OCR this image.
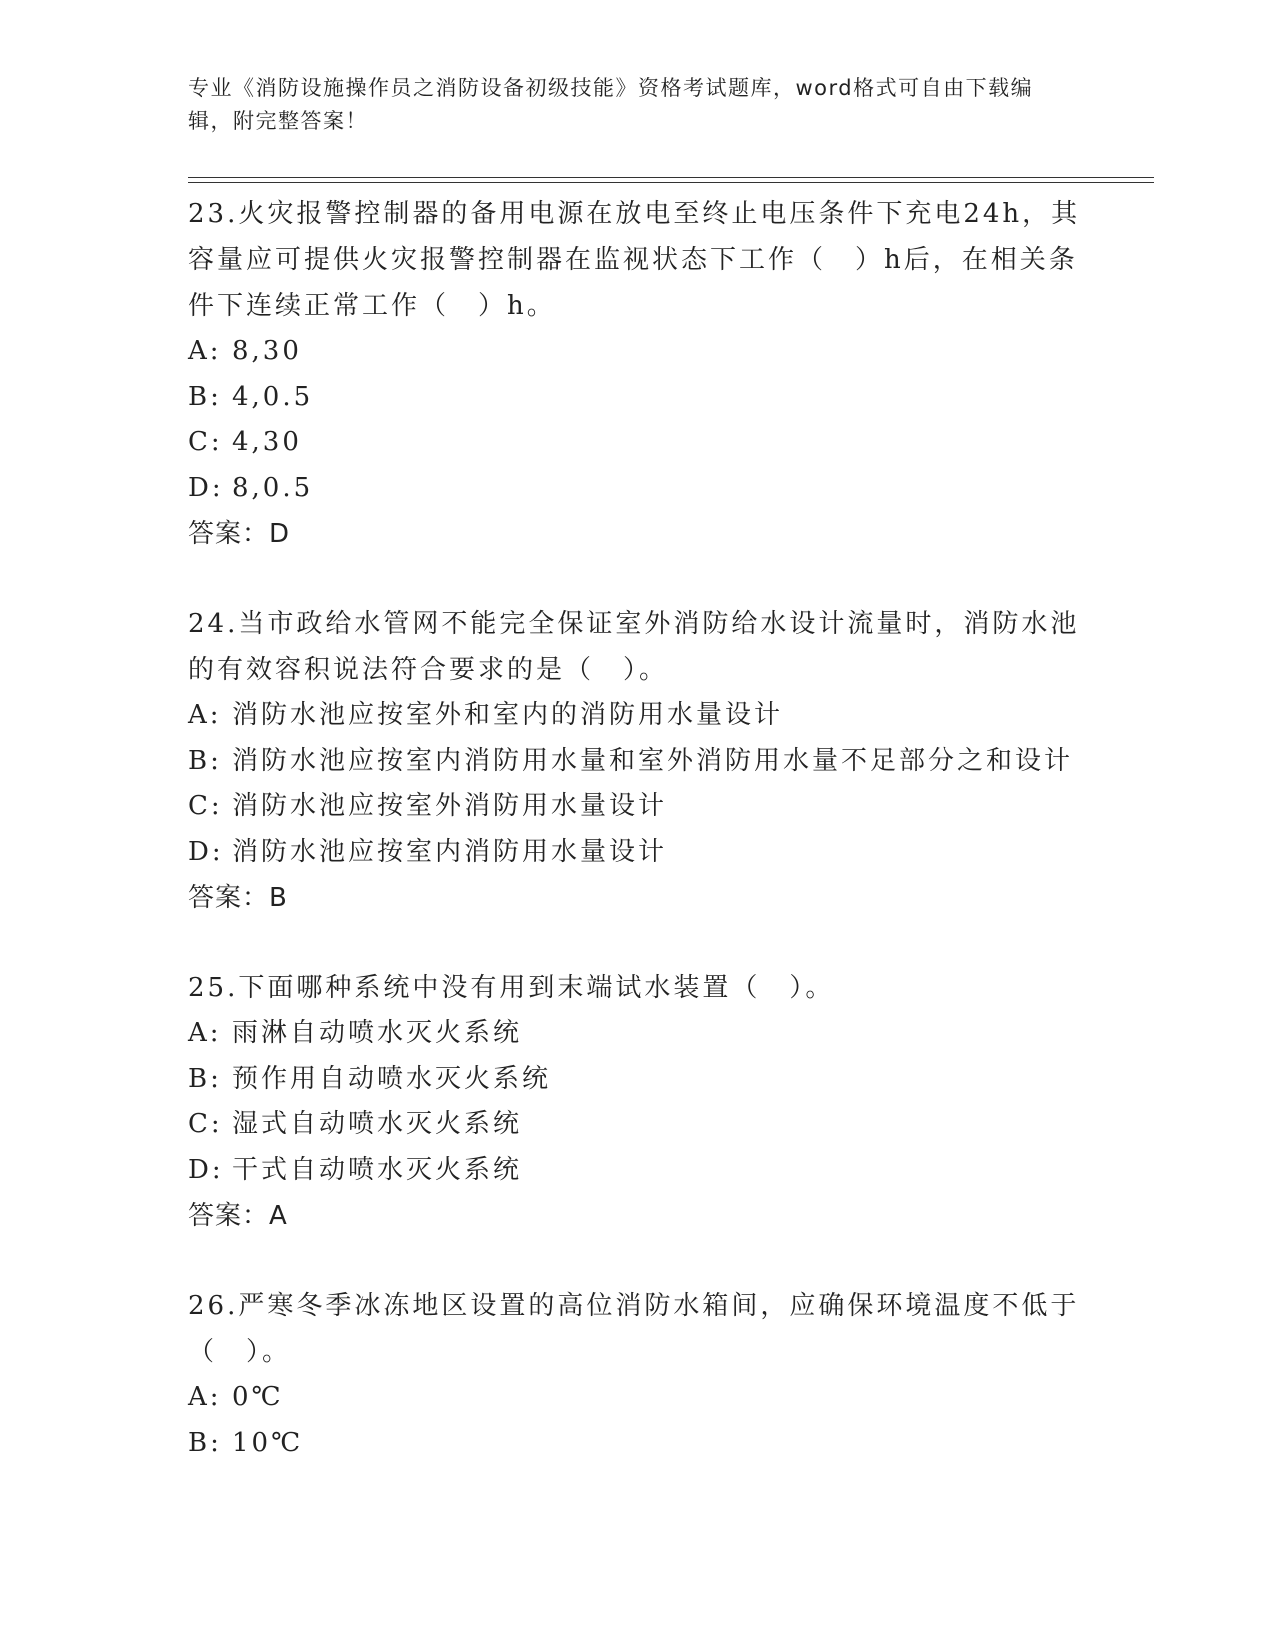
专业《消防设施操作员之消防设备初级技能》资格考试题库，word格式可自由下载编辑，附完整答案！
23.火灾报警控制器的备用电源在放电至终止电压条件下充电24h，其容量应可提供火灾报警控制器在监视状态下工作（　）h后，在相关条件下连续正常工作（　）h。
A: 8,30
B: 4,0.5
C: 4,30
D: 8,0.5
答案：D
24.当市政给水管网不能完全保证室外消防给水设计流量时，消防水池的有效容积说法符合要求的是（　）。
A: 消防水池应按室外和室内的消防用水量设计
B: 消防水池应按室内消防用水量和室外消防用水量不足部分之和设计
C: 消防水池应按室外消防用水量设计
D: 消防水池应按室内消防用水量设计
答案：B
25.下面哪种系统中没有用到末端试水装置（　）。
A: 雨淋自动喷水灭火系统
B: 预作用自动喷水灭火系统
C: 湿式自动喷水灭火系统
D: 干式自动喷水灭火系统
答案：A
26.严寒冬季冰冻地区设置的高位消防水箱间，应确保环境温度不低于（　）。
A: 0℃
B: 10℃
